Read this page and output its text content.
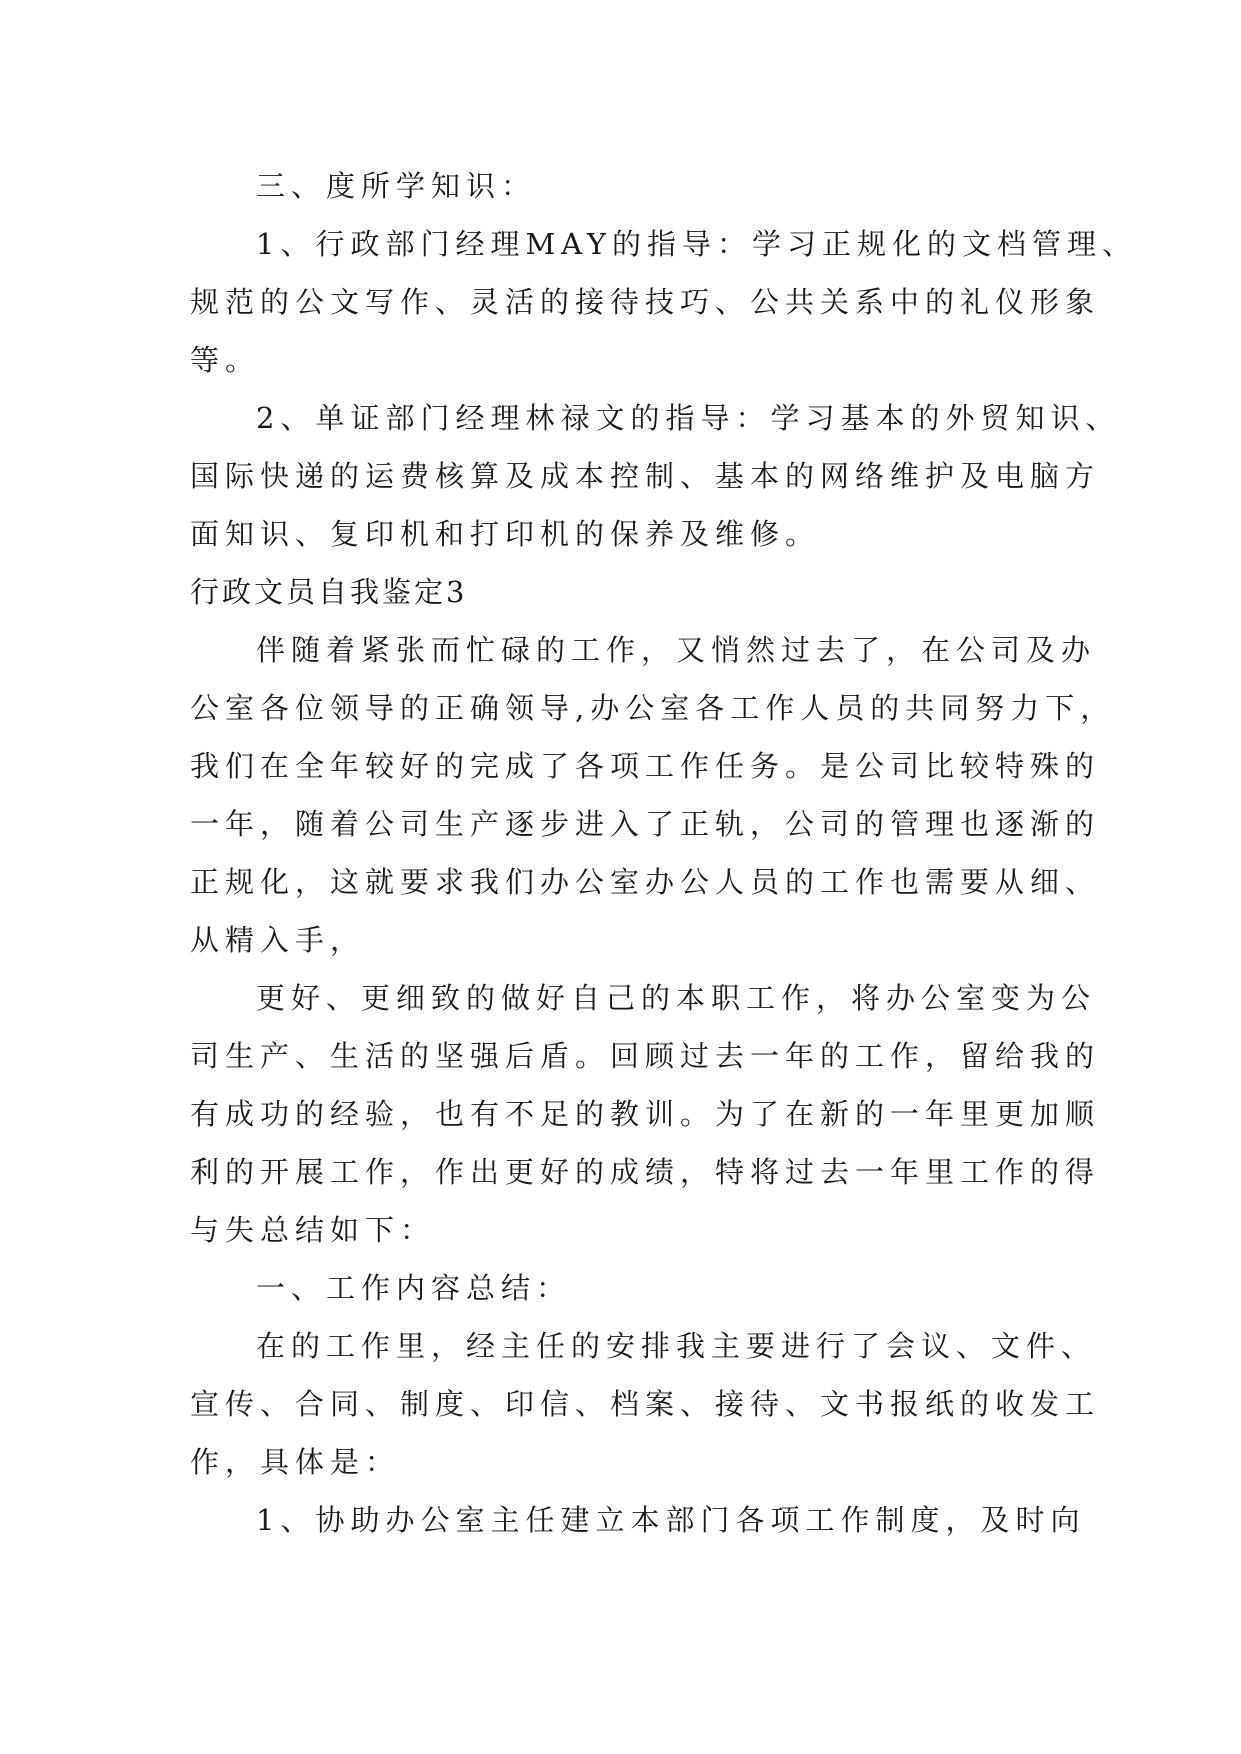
三、度所学知识：

1、行政部门经理MAY的指导：学习正规化的文档管理、

规范的公文写作、灵活的接待技巧、公共关系中的礼仪形象

等。

2、单证部门经理林禄文的指导：学习基本的外贸知识、

国际快递的运费核算及成本控制、基本的网络维护及电脑方

面知识、复印机和打印机的保养及维修。

行政文员自我鉴定3

伴随着紧张而忙碌的工作，又悄然过去了，在公司及办

公室各位领导的正确领导,办公室各工作人员的共同努力下，

我们在全年较好的完成了各项工作任务。是公司比较特殊的

一年，随着公司生产逐步进入了正轨，公司的管理也逐渐的

正规化，这就要求我们办公室办公人员的工作也需要从细、

从精入手，

更好、更细致的做好自己的本职工作，将办公室变为公

司生产、生活的坚强后盾。回顾过去一年的工作，留给我的

有成功的经验，也有不足的教训。为了在新的一年里更加顺

利的开展工作，作出更好的成绩，特将过去一年里工作的得

与失总结如下：

一、工作内容总结：

在的工作里，经主任的安排我主要进行了会议、文件、

宣传、合同、制度、印信、档案、接待、文书报纸的收发工

作，具体是：

1、协助办公室主任建立本部门各项工作制度，及时向
